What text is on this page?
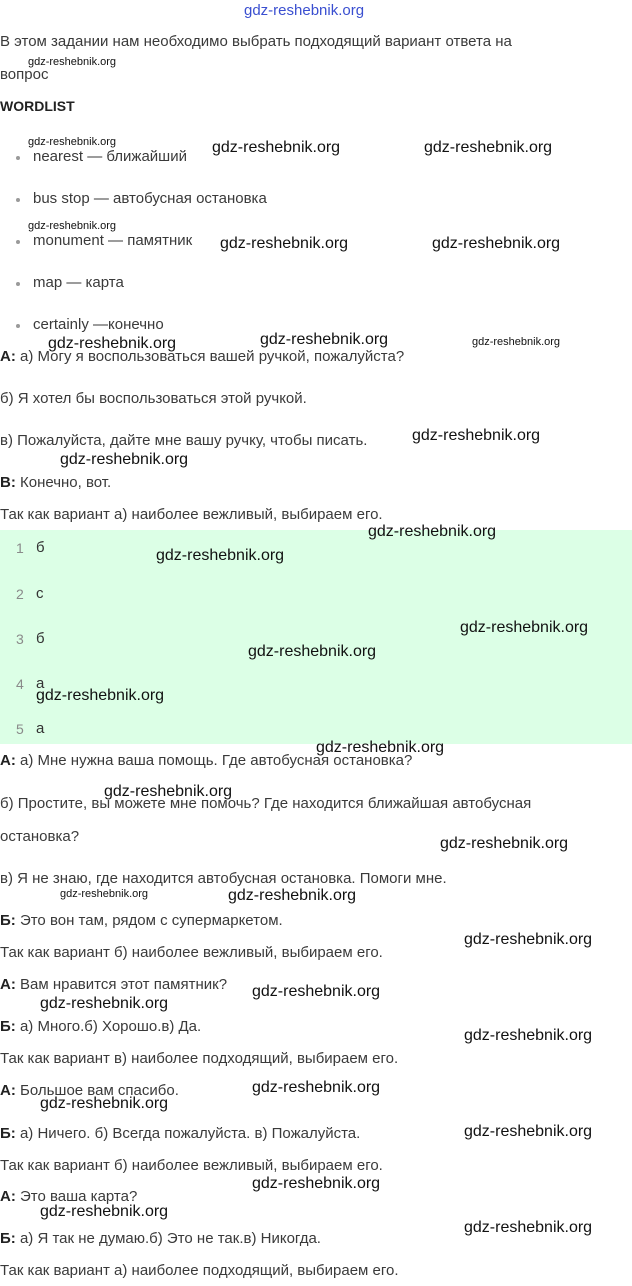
gdz-reshebnik.org
В этом задании нам необходимо выбрать подходящий вариант ответа на
вопрос
WORDLIST
nearest — ближайший
bus stop — автобусная остановка
monument — памятник
map — карта
certainly —конечно
A: а) Могу я воспользоваться вашей ручкой, пожалуйста?
б) Я хотел бы воспользоваться этой ручкой.
в) Пожалуйста, дайте мне вашу ручку, чтобы писать.
B: Конечно, вот.
Так как вариант а) наиболее вежливый, выбираем его.
1 б
2 с
3 б
4 а
5 а
A: а) Мне нужна ваша помощь. Где автобусная остановка?
б) Простите, вы можете мне помочь? Где находится ближайшая автобусная
остановка?
в) Я не знаю, где находится автобусная остановка. Помоги мне.
Б: Это вон там, рядом с супермаркетом.
Так как вариант б) наиболее вежливый, выбираем его.
A: Вам нравится этот памятник?
Б: а) Много.б) Хорошо.в) Да.
Так как вариант в) наиболее подходящий, выбираем его.
A: Большое вам спасибо.
Б: а) Ничего. б) Всегда пожалуйста. в) Пожалуйста.
Так как вариант б) наиболее вежливый, выбираем его.
A: Это ваша карта?
Б: а) Я так не думаю.б) Это не так.в) Никогда.
Так как вариант а) наиболее подходящий, выбираем его.
gdz-reshebnik.org
gdz-reshebnik.org	gdz-reshebnik.org	gdz-reshebnik.org
gdz-reshebnik.org
gdz-reshebnik.org	gdz-reshebnik.org
gdz-reshebnik.org	gdz-reshebnik.org	gdz-reshebnik.org
gdz-reshebnik.org
gdz-reshebnik.org
gdz-reshebnik.org
gdz-reshebnik.org
gdz-reshebnik.org
gdz-reshebnik.org
gdz-reshebnik.org
gdz-reshebnik.org
gdz-reshebnik.org
gdz-reshebnik.org
gdz-reshebnik.org	gdz-reshebnik.org
gdz-reshebnik.org
gdz-reshebnik.org
gdz-reshebnik.org
gdz-reshebnik.org
gdz-reshebnik.org
gdz-reshebnik.org
gdz-reshebnik.org
gdz-reshebnik.org
gdz-reshebnik.org
gdz-reshebnik.org
